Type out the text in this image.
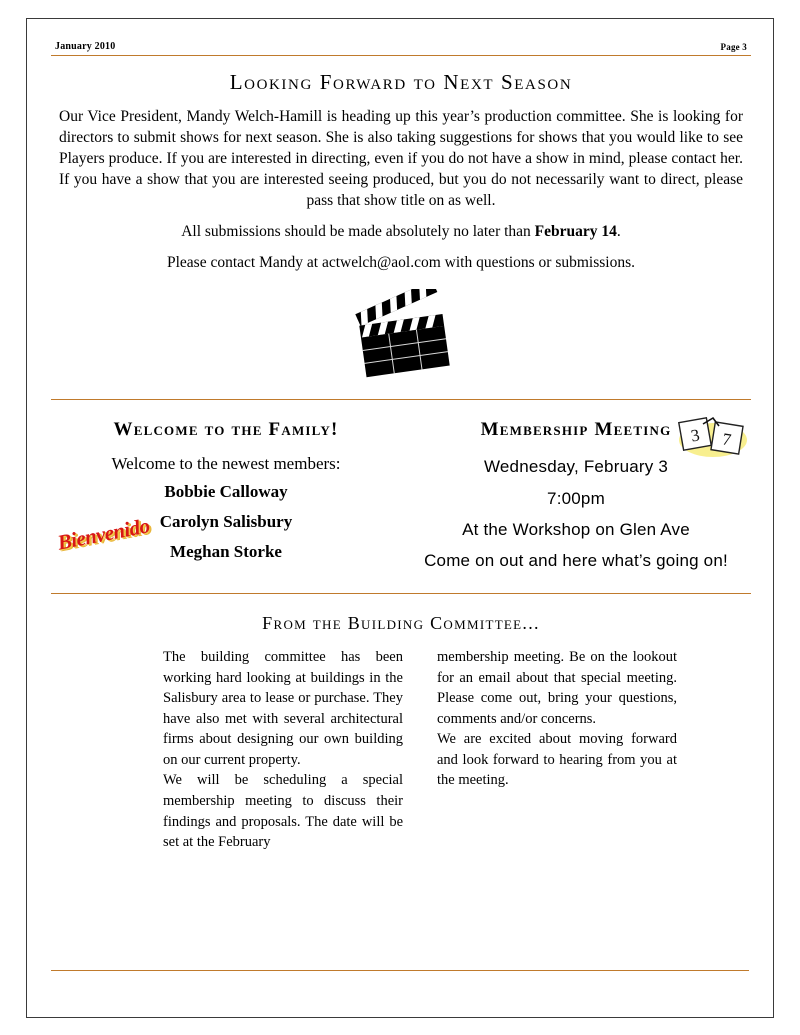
January 2010	Page 3
Looking Forward to Next Season

Our Vice President, Mandy Welch-Hamill is heading up this year’s production committee. She is looking for directors to submit shows for next season. She is also taking suggestions for shows that you would like to see Players produce. If you are interested in directing, even if you do not have a show in mind, please contact her. If you have a show that you are interested seeing produced, but you do not necessarily want to direct, please pass that show title on as well.

All submissions should be made absolutely no later than February 14.

Please contact Mandy at actwelch@aol.com with questions or submissions.

Welcome to the Family!

Welcome to the newest members:

Bobbie Calloway

Carolyn Salisbury

Meghan Storke

Bienvenido
3 7
Membership Meeting

Wednesday, February 3

7:00pm

At the Workshop on Glen Ave

Come on out and here what’s going on!

From the Building Committee...

The building committee has been working hard looking at buildings in the Salisbury area to lease or purchase. They have also met with several architectural firms about designing our own building on our current property.

We will be scheduling a special membership meeting to discuss their findings and proposals. The date will be set at the February

membership meeting. Be on the lookout for an email about that special meeting. Please come out, bring your questions, comments and/or concerns.

We are excited about moving forward and look forward to hearing from you at the meeting.
